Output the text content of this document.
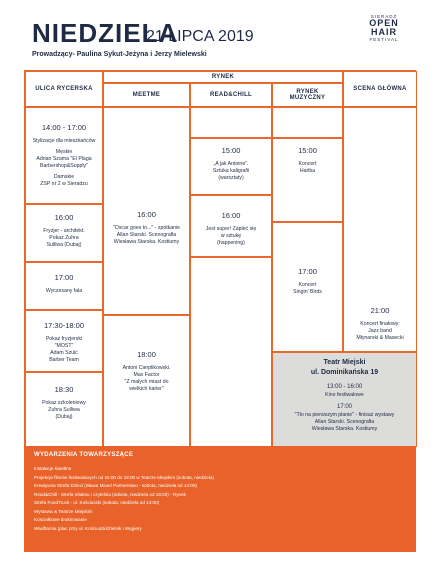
NIEDZIELA
21 LIPCA 2019
Prowadzący- Paulina Sykut-Jeżyna i Jerzy Mielewski
SIERADZ
OPEN HAIR
FESTIVAL
ULICA RYCERSKA
RYNEK
MEETME	READ&CHILL	RYNEK MUZYCZNY
SCENA GŁÓWNA
14:00 - 17:00
Stylizacje dla mieszkańców
Męskie
Adrian Szama "El Plaga
Barbershop&Supply"
Damskie
ZSP nr 2 w Sieradzu
16:00
Fryzjer - architekt.
Pokaz Zuhra
Sulliwa (Dubaj)
17:00
Wyczesany fala
17:30-18:00
Pokaz fryzjerski
"MOST"
Adam Szulc
Barber Team
18:30
Pokaz szkoleniowy
Zuhra Sulliwa
(Dubaj)
16:00
"Oscar goes to..." - spotkanie
Allan Starski. Scenografia
Wiesława Starska. Kostiumy
18:00
Antoni Cierplikowski.
Max Factor
"Z małych miast do
wielkich karier"
15:00
„A jak Antoine".
Sztuka kaligrafii
(warsztaty)
16:00
Jest super! Zapleć się
w sztukę
(happening)
15:00
Koncert
Hańba
17:00
Koncert
Singin' Birds
21:00
Koncert finałowy:
Jazz band
Młynarski & Masecki
Teatr Miejski
ul. Dominikańska 19
13:00 - 16:00
Kino festiwalowe
17:00
"Tło na pierwszym planie" - finisaż wystawy
Allan Starski. Scenografia
Wiesława Starska. Kostiumy
WYDARZENIA TOWARZYSZĄCE
Instalacje świetlne
Projekcje filmów festiwalowych od 15:00 do 19:00 w Teatrze Miejskim (sobota, niedziela)
Kreatywna Strefa Dzieci (Sława Mixed Partnerstwo - sobota, niedziela od 14:00)
Read&Chill - Strefa relaksu i czytelnia (sobota, niedziela od 15:00) - Rynek
Strefa FoodTruck - ul. Kościuszki (sobota, niedziela od 14:00)
Wystawa w Teatrze Miejskim
Kosciałkowe druknowanie
Wiwiftarnia (plac przy ul. Kościuszki/Zielnik i Węgiery
